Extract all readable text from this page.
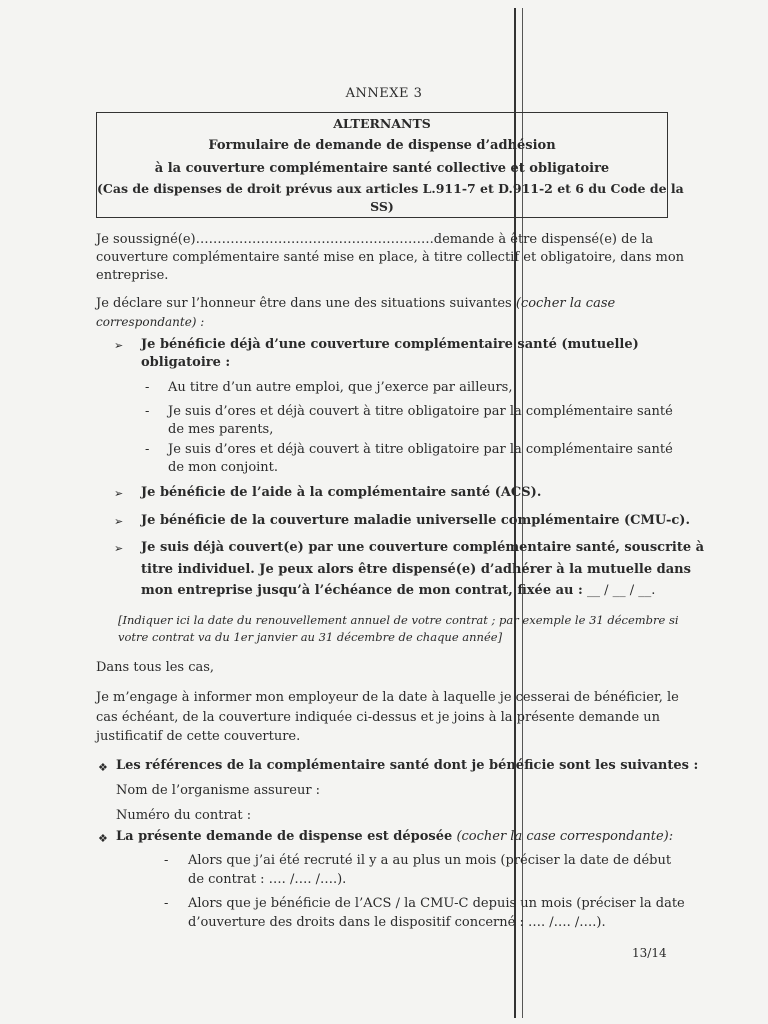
ANNEXE 3
ALTERNANTS
Formulaire de demande de dispense d’adhésion
à la couverture complémentaire santé collective et obligatoire
(Cas de dispenses de droit prévus aux articles L.911-7 et D.911-2 et 6 du Code de la
SS)
Je soussigné(e)……………………………………………….demande à être dispensé(e) de la
couverture complémentaire santé mise en place, à titre collectif et obligatoire, dans mon
entreprise.
Je déclare sur l’honneur être dans une des situations suivantes (cocher la case
correspondante) :
➢ Je bénéficie déjà d’une couverture complémentaire santé (mutuelle)
obligatoire :
- Au titre d’un autre emploi, que j’exerce par ailleurs,
- Je suis d’ores et déjà couvert à titre obligatoire par la complémentaire santé
de mes parents,
- Je suis d’ores et déjà couvert à titre obligatoire par la complémentaire santé
de mon conjoint.
➢ Je bénéficie de l’aide à la complémentaire santé (ACS).
➢ Je bénéficie de la couverture maladie universelle complémentaire (CMU-c).
➢ Je suis déjà couvert(e) par une couverture complémentaire santé, souscrite à
titre individuel. Je peux alors être dispensé(e) d’adhérer à la mutuelle dans
mon entreprise jusqu’à l’échéance de mon contrat, fixée au : __ / __ / __.
[Indiquer ici la date du renouvellement annuel de votre contrat ; par exemple le 31 décembre si
votre contrat va du 1er janvier au 31 décembre de chaque année]
Dans tous les cas,
Je m’engage à informer mon employeur de la date à laquelle je cesserai de bénéficier, le
cas échéant, de la couverture indiquée ci-dessus et je joins à la présente demande un
justificatif de cette couverture.
❖ Les références de la complémentaire santé dont je bénéficie sont les suivantes :
Nom de l’organisme assureur :
Numéro du contrat :
❖ La présente demande de dispense est déposée (cocher la case correspondante):
- Alors que j’ai été recruté il y a au plus un mois (préciser la date de début
de contrat : …. /…. /….).
- Alors que je bénéficie de l’ACS / la CMU-C depuis un mois (préciser la date
d’ouverture des droits dans le dispositif concerné : …. /…. /….).
13/14
